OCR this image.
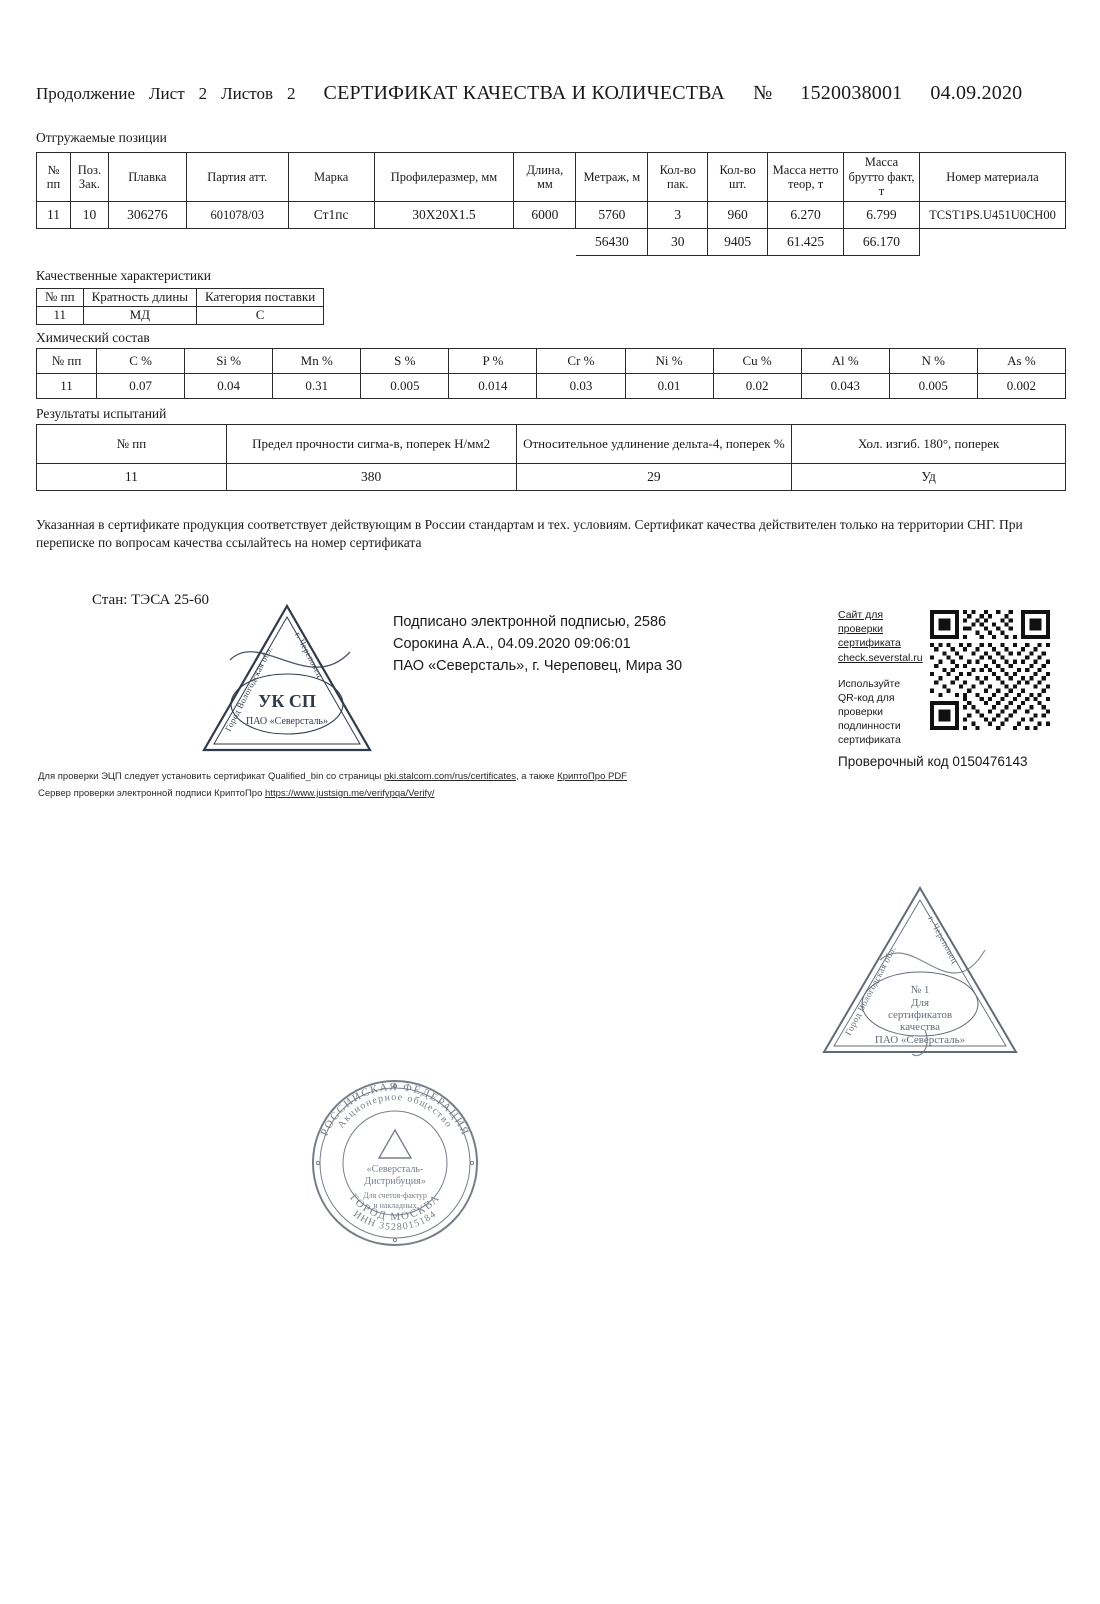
Продолжение Лист 2 Листов 2 СЕРТИФИКАТ КАЧЕСТВА И КОЛИЧЕСТВА № 1520038001 04.09.2020
Отгружаемые позиции
№ пп	Поз. Зак.	Плавка	Партия атт.	Марка	Профилеразмер, мм	Длина, мм	Метраж, м	Кол-во пак.	Кол-во шт.	Масса нетто теор, т	Масса брутто факт, т	Номер материала
11	10	306276	601078/03	Ст1пс	30X20X1.5	6000	5760	3	960	6.270	6.799	TCST1PS.U451U0CH00
							56430	30	9405	61.425	66.170	
Качественные характеристики
№ пп	Кратность длины	Категория поставки
11	МД	С
Химический состав
№ пп	C %	Si %	Mn %	S %	P %	Cr %	Ni %	Cu %	Al %	N %	As %
11	0.07	0.04	0.31	0.005	0.014	0.03	0.01	0.02	0.043	0.005	0.002
Результаты испытаний
№ пп	Предел прочности сигма-в, поперек Н/мм2	Относительное удлинение дельта-4, поперек %	Хол. изгиб. 180°, поперек
11	380	29	Уд
Указанная в сертификате продукция соответствует действующим в России стандартам и тех. условиям. Сертификат качества действителен только на территории СНГ. При переписке по вопросам качества ссылайтесь на номер сертификата
Стан: ТЭСА 25-60
Подписано электронной подписью, 2586
Сорокина А.А., 04.09.2020 09:06:01
ПАО «Северсталь», г. Череповец, Мира 30
Город Вологодская обл.
г. Череповец
УК СП
ПАО «Северсталь»
Сайт для
проверки
сертификата
check.severstal.ru
Используйте
QR-код для
проверки
подлинности
сертификата
Проверочный код 0150476143
Для проверки ЭЦП следует установить сертификат Qualified_bin со страницы pki.stalcom.com/rus/certificates, а также КриптоПро PDF
Сервер проверки электронной подписи КриптоПро https://www.justsign.me/verifypqa/Verify/
Город Вологодская обл.
г. Череповец
№ 1
Для
сертификатов
качества
ПАО «Северсталь»
РОССИЙСКАЯ ФЕДЕРАЦИЯ
Акционерное общество
ИНН 3528015184
ГОРОД МОСКВА
«Северсталь-
Дистрибуция»
Для счетов-фактур
и накладных
